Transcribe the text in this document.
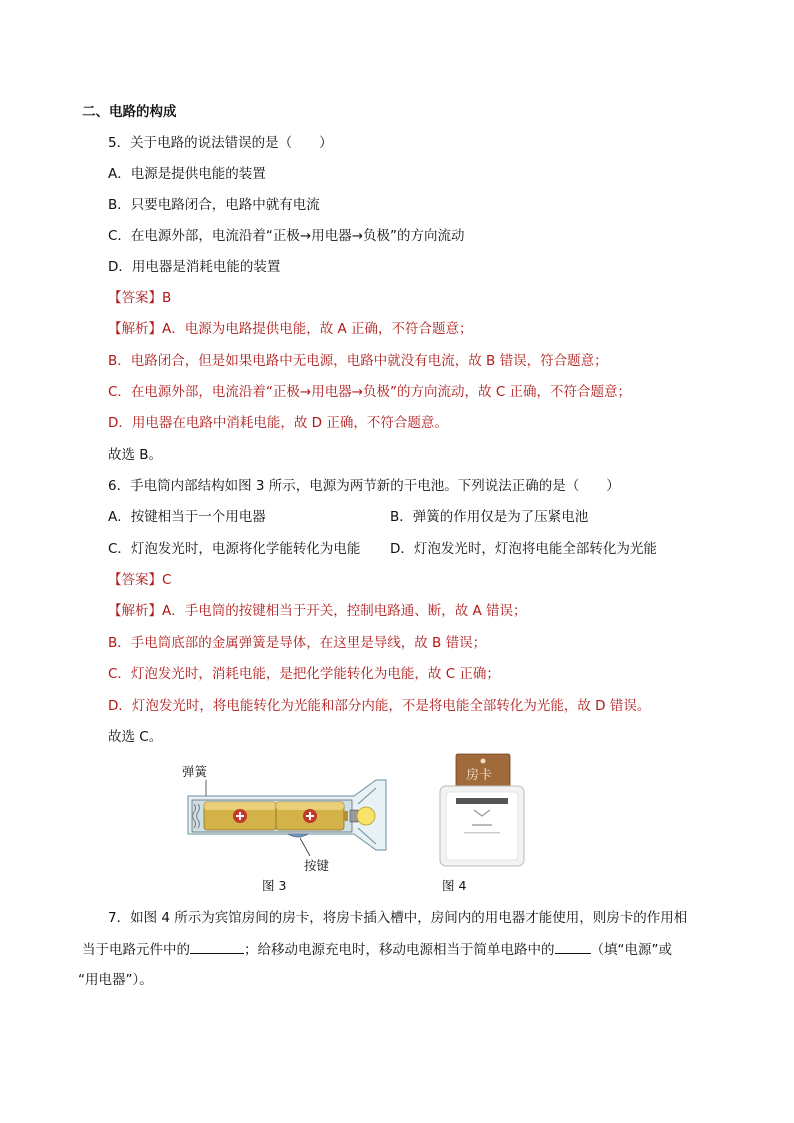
二、电路的构成
5．关于电路的说法错误的是（　　）
A．电源是提供电能的装置
B．只要电路闭合，电路中就有电流
C．在电源外部，电流沿着“正极→用电器→负极”的方向流动
D．用电器是消耗电能的装置
【答案】B
【解析】A．电源为电路提供电能，故 A 正确，不符合题意；
B．电路闭合，但是如果电路中无电源，电路中就没有电流，故 B 错误，符合题意；
C．在电源外部，电流沿着“正极→用电器→负极”的方向流动，故 C 正确，不符合题意；
D．用电器在电路中消耗电能，故 D 正确，不符合题意。
故选 B。
6．手电筒内部结构如图 3 所示，电源为两节新的干电池。下列说法正确的是（　　）
A．按键相当于一个用电器	B．弹簧的作用仅是为了压紧电池
C．灯泡发光时，电源将化学能转化为电能 D．灯泡发光时，灯泡将电能全部转化为光能
【答案】C
【解析】A．手电筒的按键相当于开关，控制电路通、断，故 A 错误；
B．手电筒底部的金属弹簧是导体，在这里是导线，故 B 错误；
C．灯泡发光时，消耗电能，是把化学能转化为电能，故 C 正确；
D．灯泡发光时，将电能转化为光能和部分内能，不是将电能全部转化为光能，故 D 错误。
故选 C。
弹簧
按键
图 3
房卡
图 4
7．如图 4 所示为宾馆房间的房卡，将房卡插入槽中，房间内的用电器才能使用，则房卡的作用相
当于电路元件中的	；给移动电源充电时，移动电源相当于简单电路中的	（填“电源”或
“用电器”）。
